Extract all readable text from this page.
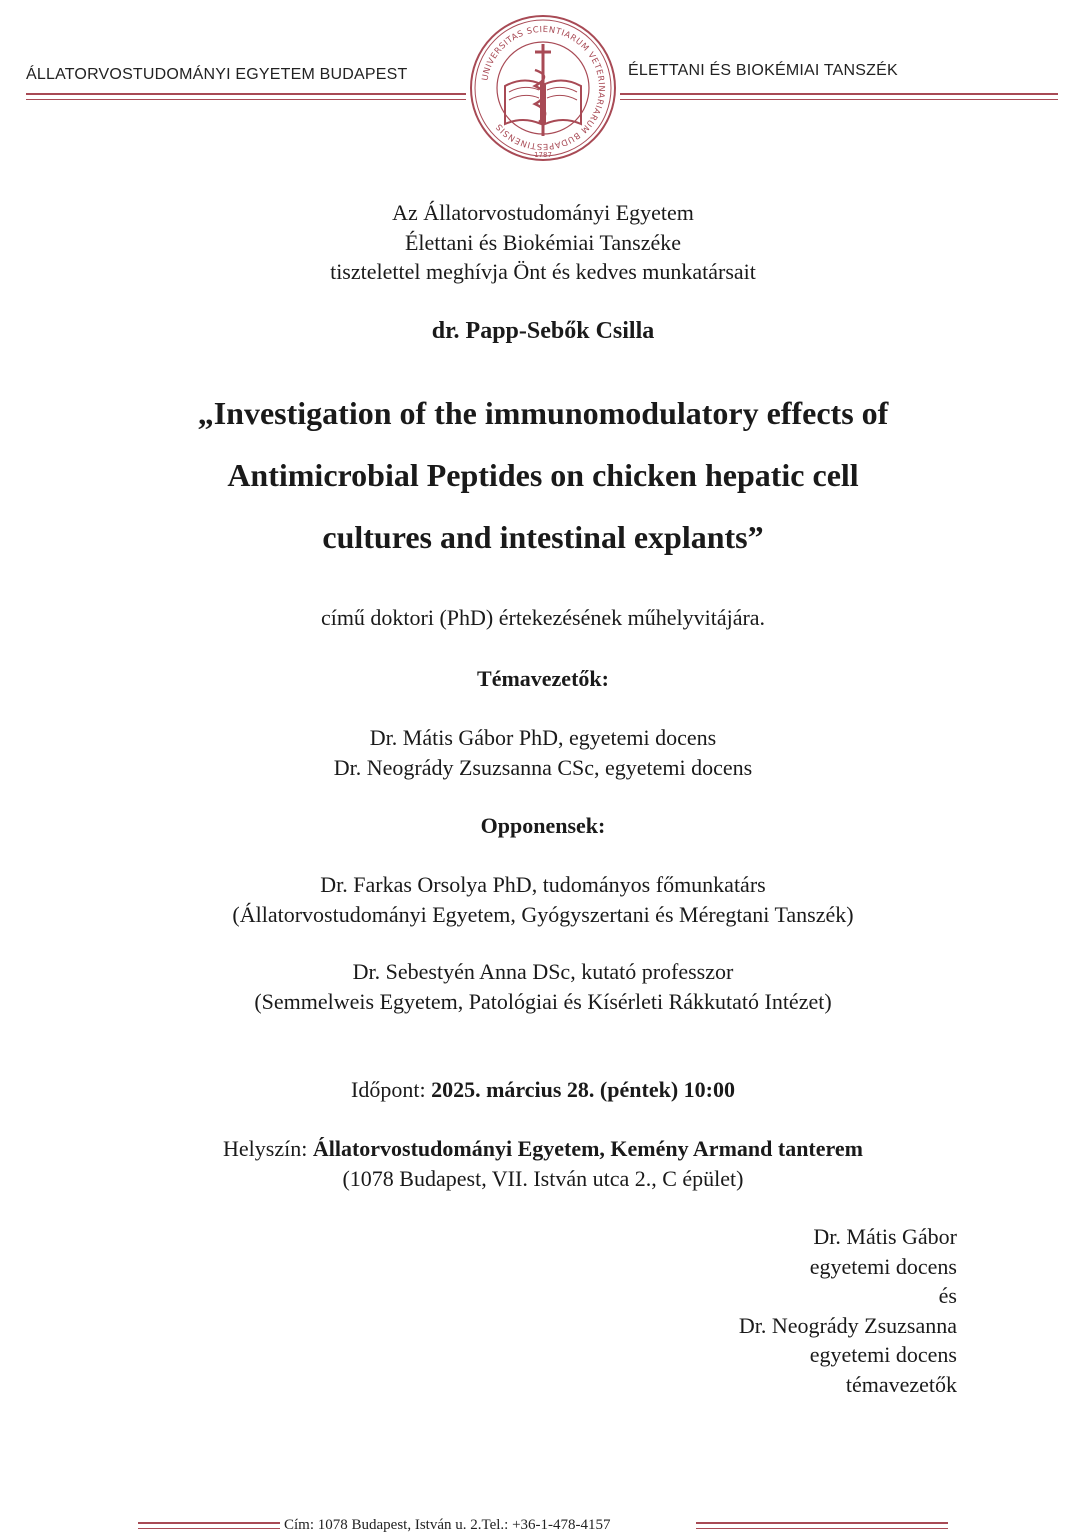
ÁLLATORVOSTUDOMÁNYI EGYETEM BUDAPEST	ÉLETTANI ÉS BIOKÉMIAI TANSZÉK
UNIVERSITAS SCIENTIARUM VETERINARIARUM BUDAPESTINENSIS
1787
Az Állatorvostudományi Egyetem
Élettani és Biokémiai Tanszéke
tisztelettel meghívja Önt és kedves munkatársait
dr. Papp-Sebők Csilla
„Investigation of the immunomodulatory effects of
Antimicrobial Peptides on chicken hepatic cell
cultures and intestinal explants”
című doktori (PhD) értekezésének műhelyvitájára.
Témavezetők:
Dr. Mátis Gábor PhD, egyetemi docens
Dr. Neogrády Zsuzsanna CSc, egyetemi docens
Opponensek:
Dr. Farkas Orsolya PhD, tudományos főmunkatárs
(Állatorvostudományi Egyetem, Gyógyszertani és Méregtani Tanszék)
Dr. Sebestyén Anna DSc, kutató professzor
(Semmelweis Egyetem, Patológiai és Kísérleti Rákkutató Intézet)
Időpont: 2025. március 28. (péntek) 10:00
Helyszín: Állatorvostudományi Egyetem, Kemény Armand tanterem
(1078 Budapest, VII. István utca 2., C épület)
Dr. Mátis Gábor
egyetemi docens
és
Dr. Neogrády Zsuzsanna
egyetemi docens
témavezetők
Cím: 1078 Budapest, István u. 2.Tel.: +36-1-478-4157
